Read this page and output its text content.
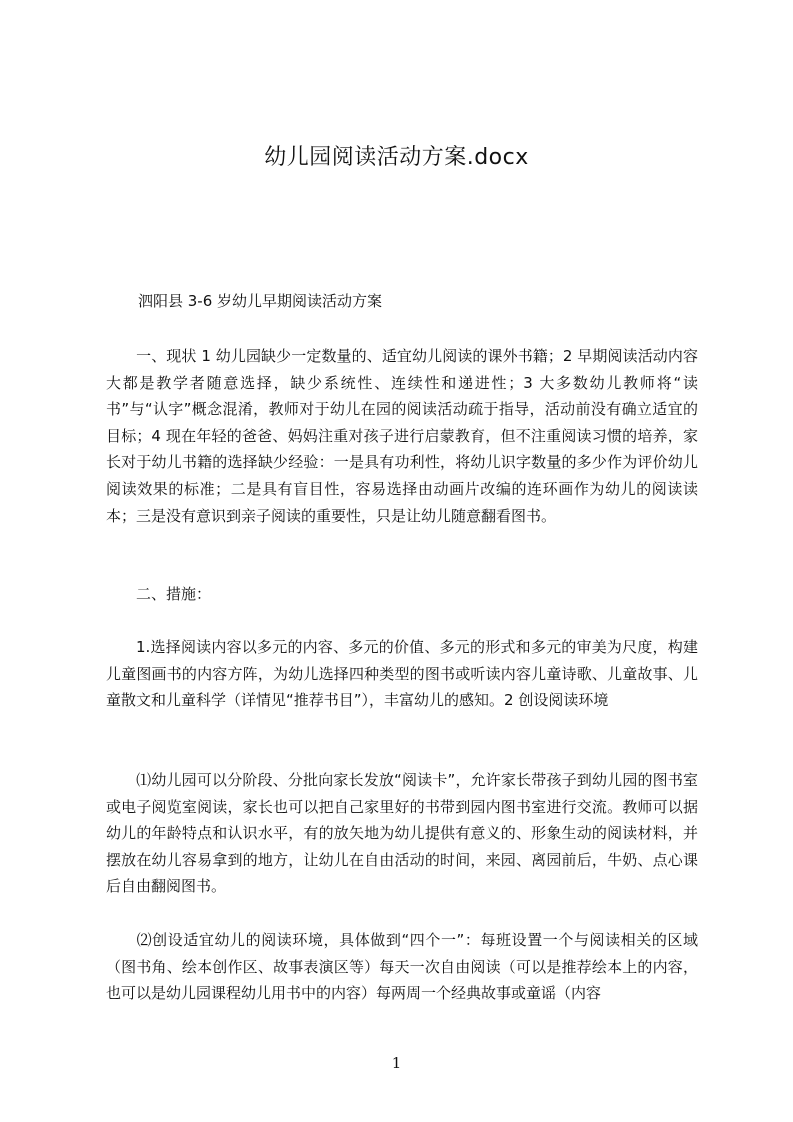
幼儿园阅读活动方案.docx
泗阳县 3-6 岁幼儿早期阅读活动方案
一、现状 1 幼儿园缺少一定数量的、适宜幼儿阅读的课外书籍；2 早期阅读活动内容大都是教学者随意选择，缺少系统性、连续性和递进性；3 大多数幼儿教师将“读书”与“认字”概念混淆，教师对于幼儿在园的阅读活动疏于指导，活动前没有确立适宜的目标；4 现在年轻的爸爸、妈妈注重对孩子进行启蒙教育，但不注重阅读习惯的培养，家长对于幼儿书籍的选择缺少经验：一是具有功利性，将幼儿识字数量的多少作为评价幼儿阅读效果的标准；二是具有盲目性，容易选择由动画片改编的连环画作为幼儿的阅读读本；三是没有意识到亲子阅读的重要性，只是让幼儿随意翻看图书。
二、措施：
1.选择阅读内容以多元的内容、多元的价值、多元的形式和多元的审美为尺度，构建儿童图画书的内容方阵，为幼儿选择四种类型的图书或听读内容儿童诗歌、儿童故事、儿童散文和儿童科学（详情见“推荐书目”），丰富幼儿的感知。2 创设阅读环境
⑴幼儿园可以分阶段、分批向家长发放“阅读卡”，允许家长带孩子到幼儿园的图书室或电子阅览室阅读，家长也可以把自己家里好的书带到园内图书室进行交流。教师可以据幼儿的年龄特点和认识水平，有的放矢地为幼儿提供有意义的、形象生动的阅读材料，并摆放在幼儿容易拿到的地方，让幼儿在自由活动的时间，来园、离园前后，牛奶、点心课后自由翻阅图书。
⑵创设适宜幼儿的阅读环境，具体做到“四个一”：每班设置一个与阅读相关的区域（图书角、绘本创作区、故事表演区等）每天一次自由阅读（可以是推荐绘本上的内容，也可以是幼儿园课程幼儿用书中的内容）每两周一个经典故事或童谣（内容
1
